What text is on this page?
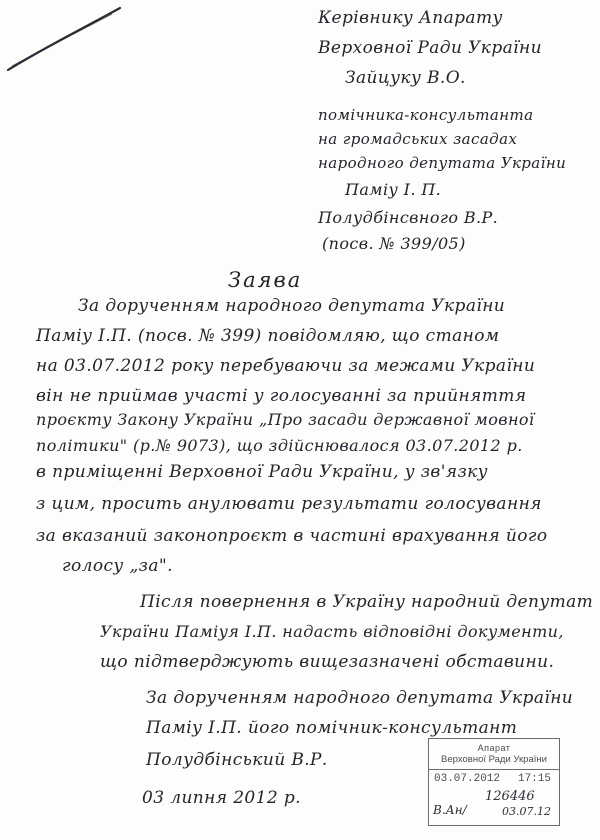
Керівнику Апарату
Верховної Ради України
Зайцуку В.О.
помічника-консультанта
на громадських засадах
народного депутата України
Паміу І. П.
Полудбінсвного В.Р.
(посв. № 399/05)
Заява
За дорученням народного депутата України
Паміу І.П. (посв. № 399) повідомляю, що станом
на 03.07.2012 року перебуваючи за межами України
він не приймав участі у голосуванні за прийняття
проєкту Закону України „Про засади державної мовної
політики" (р.№ 9073), що здійснювалося 03.07.2012 р.
в приміщенні Верховної Ради України, у зв'язку
з цим, просить анулювати результати голосування
за вказаний законопроєкт в частині врахування його
голосу „за".
Після повернення в Україну народний депутат
України Паміуя І.П. надасть відповідні документи,
що підтверджують вищезазначені обставини.
За дорученням народного депутата України
Паміу І.П. його помічник-консультант
Полудбінський В.Р.
03 липня 2012 р.
Апарат
Верховної Ради України
03.07.2012 17:15
126446
В.Ан/	03.07.12
